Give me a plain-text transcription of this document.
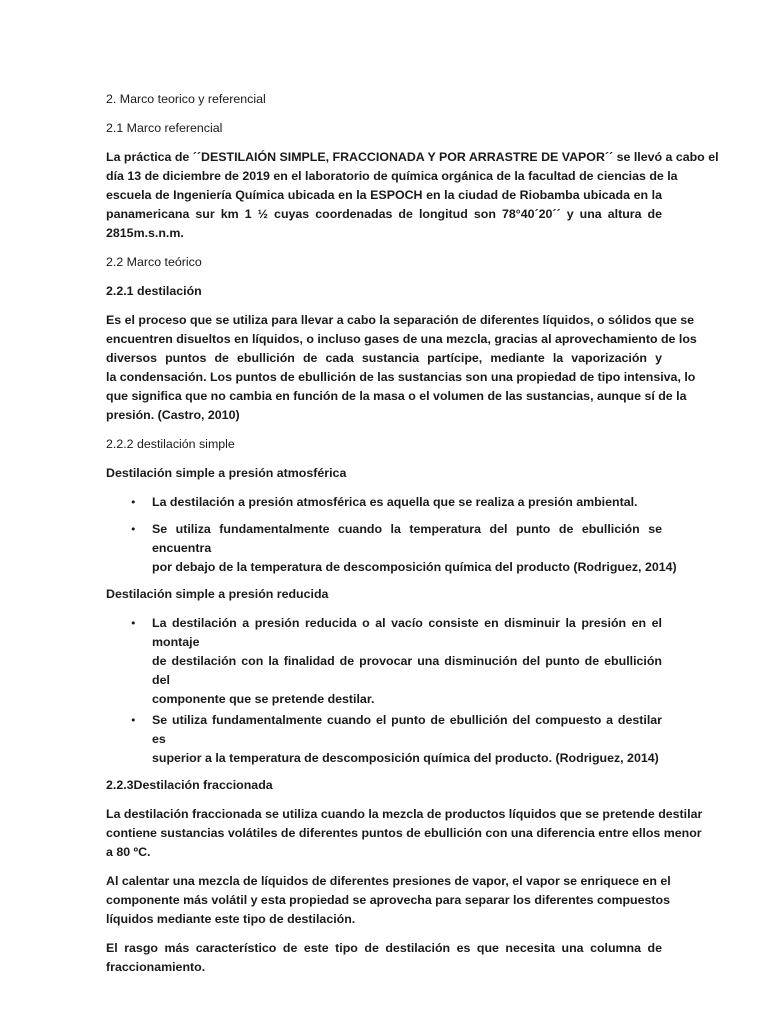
2. Marco teorico y referencial
2.1 Marco referencial

La práctica de ´´DESTILAIÓN SIMPLE, FRACCIONADA Y POR ARRASTRE DE VAPOR´´ se llevó a cabo el
día 13 de diciembre de 2019 en el laboratorio de química orgánica de la facultad de ciencias de la
escuela de Ingeniería Química ubicada en la ESPOCH en la ciudad de Riobamba ubicada en la
panamericana sur km 1 ½ cuyas coordenadas de longitud son 78°40´20´´ y una altura de
2815m.s.n.m.

2.2 Marco teórico
2.2.1 destilación

Es el proceso que se utiliza para llevar a cabo la separación de diferentes líquidos, o sólidos que se
encuentren disueltos en líquidos, o incluso gases de una mezcla, gracias al aprovechamiento de los
diversos puntos de ebullición de cada sustancia partícipe, mediante la vaporización y
la condensación. Los puntos de ebullición de las sustancias son una propiedad de tipo intensiva, lo
que significa que no cambia en función de la masa o el volumen de las sustancias, aunque sí de la
presión. (Castro, 2010)

2.2.2 destilación simple
Destilación simple a presión atmosférica
• La destilación a presión atmosférica es aquella que se realiza a presión ambiental.
• Se utiliza fundamentalmente cuando la temperatura del punto de ebullición se encuentra
por debajo de la temperatura de descomposición química del producto (Rodriguez, 2014)
Destilación simple a presión reducida
• La destilación a presión reducida o al vacío consiste en disminuir la presión en el montaje
de destilación con la finalidad de provocar una disminución del punto de ebullición del
componente que se pretende destilar.
• Se utiliza fundamentalmente cuando el punto de ebullición del compuesto a destilar es
superior a la temperatura de descomposición química del producto. (Rodriguez, 2014)
2.2.3Destilación fraccionada

La destilación fraccionada se utiliza cuando la mezcla de productos líquidos que se pretende destilar
contiene sustancias volátiles de diferentes puntos de ebullición con una diferencia entre ellos menor
a 80 ºC.

Al calentar una mezcla de líquidos de diferentes presiones de vapor, el vapor se enriquece en el
componente más volátil y esta propiedad se aprovecha para separar los diferentes compuestos
líquidos mediante este tipo de destilación.

El rasgo más característico de este tipo de destilación es que necesita una columna de
fraccionamiento.
